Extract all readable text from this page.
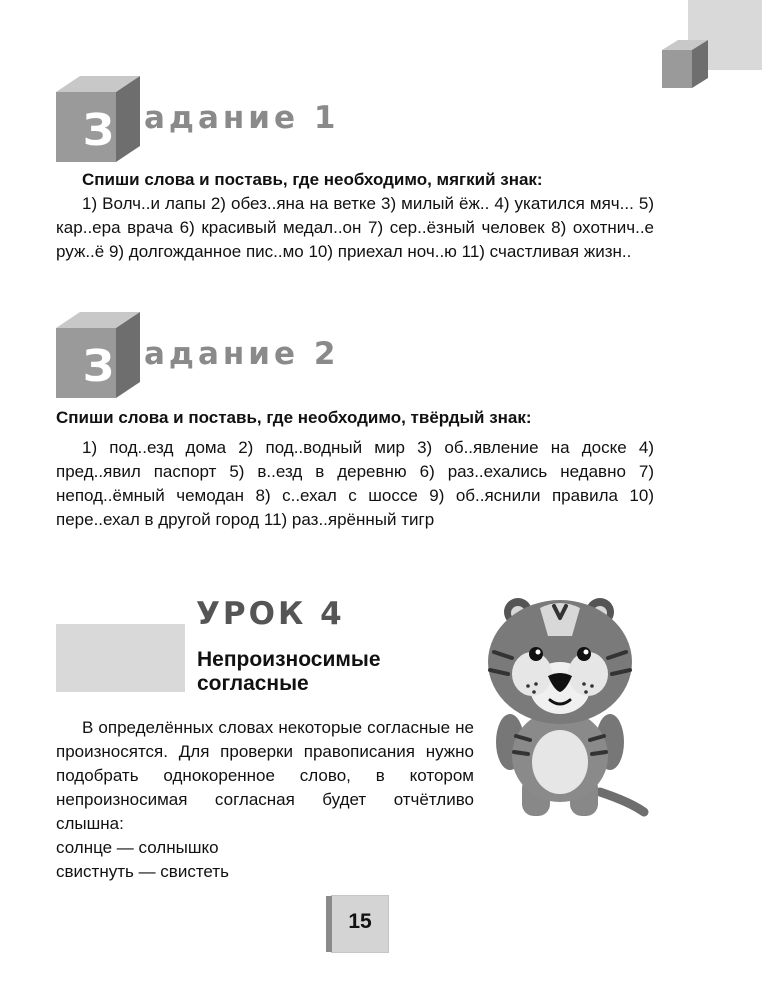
З адание 1
Спиши слова и поставь, где необходимо, мягкий знак:
1) Волч..и лапы 2) обез..яна на ветке 3) милый ёж.. 4) укатился мяч... 5) кар..ера врача 6) красивый медал..он 7) сер..ёзный человек 8) охотнич..е руж..ё 9) долгожданное пис..мо 10) приехал ноч..ю 11) счастливая жизн..
З адание 2
Спиши слова и поставь, где необходимо, твёрдый знак:
1) под..езд дома 2) под..водный мир 3) об..явление на доске 4) пред..явил паспорт 5) в..езд в деревню 6) раз..ехались недавно 7) непод..ёмный чемодан 8) с..ехал с шоссе 9) об..яснили правила 10) пере..ехал в другой город 11) раз..ярённый тигр
УРОК 4
Непроизносимые согласные
В определённых словах некоторые согласные не произносятся. Для проверки правописания нужно подобрать однокоренное слово, в котором непроизносимая согласная будет отчётливо слышна:
солнце — солнышко
свистнуть — свистеть
15
